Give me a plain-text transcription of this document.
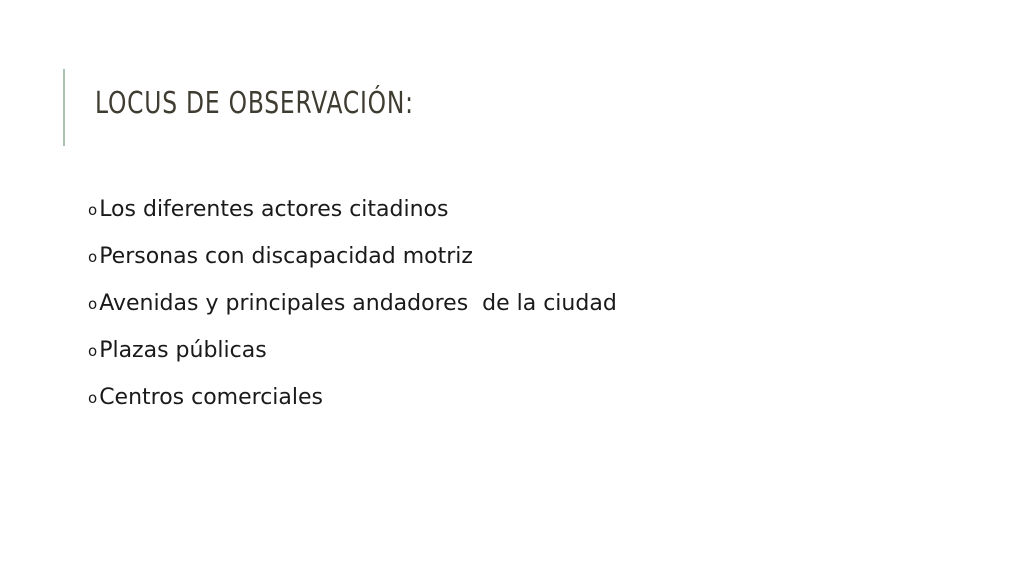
LOCUS DE OBSERVACIÓN:
o Los diferentes actores citadinos
o Personas con discapacidad motriz
o Avenidas y principales andadores  de la ciudad
o Plazas públicas
o Centros comerciales
